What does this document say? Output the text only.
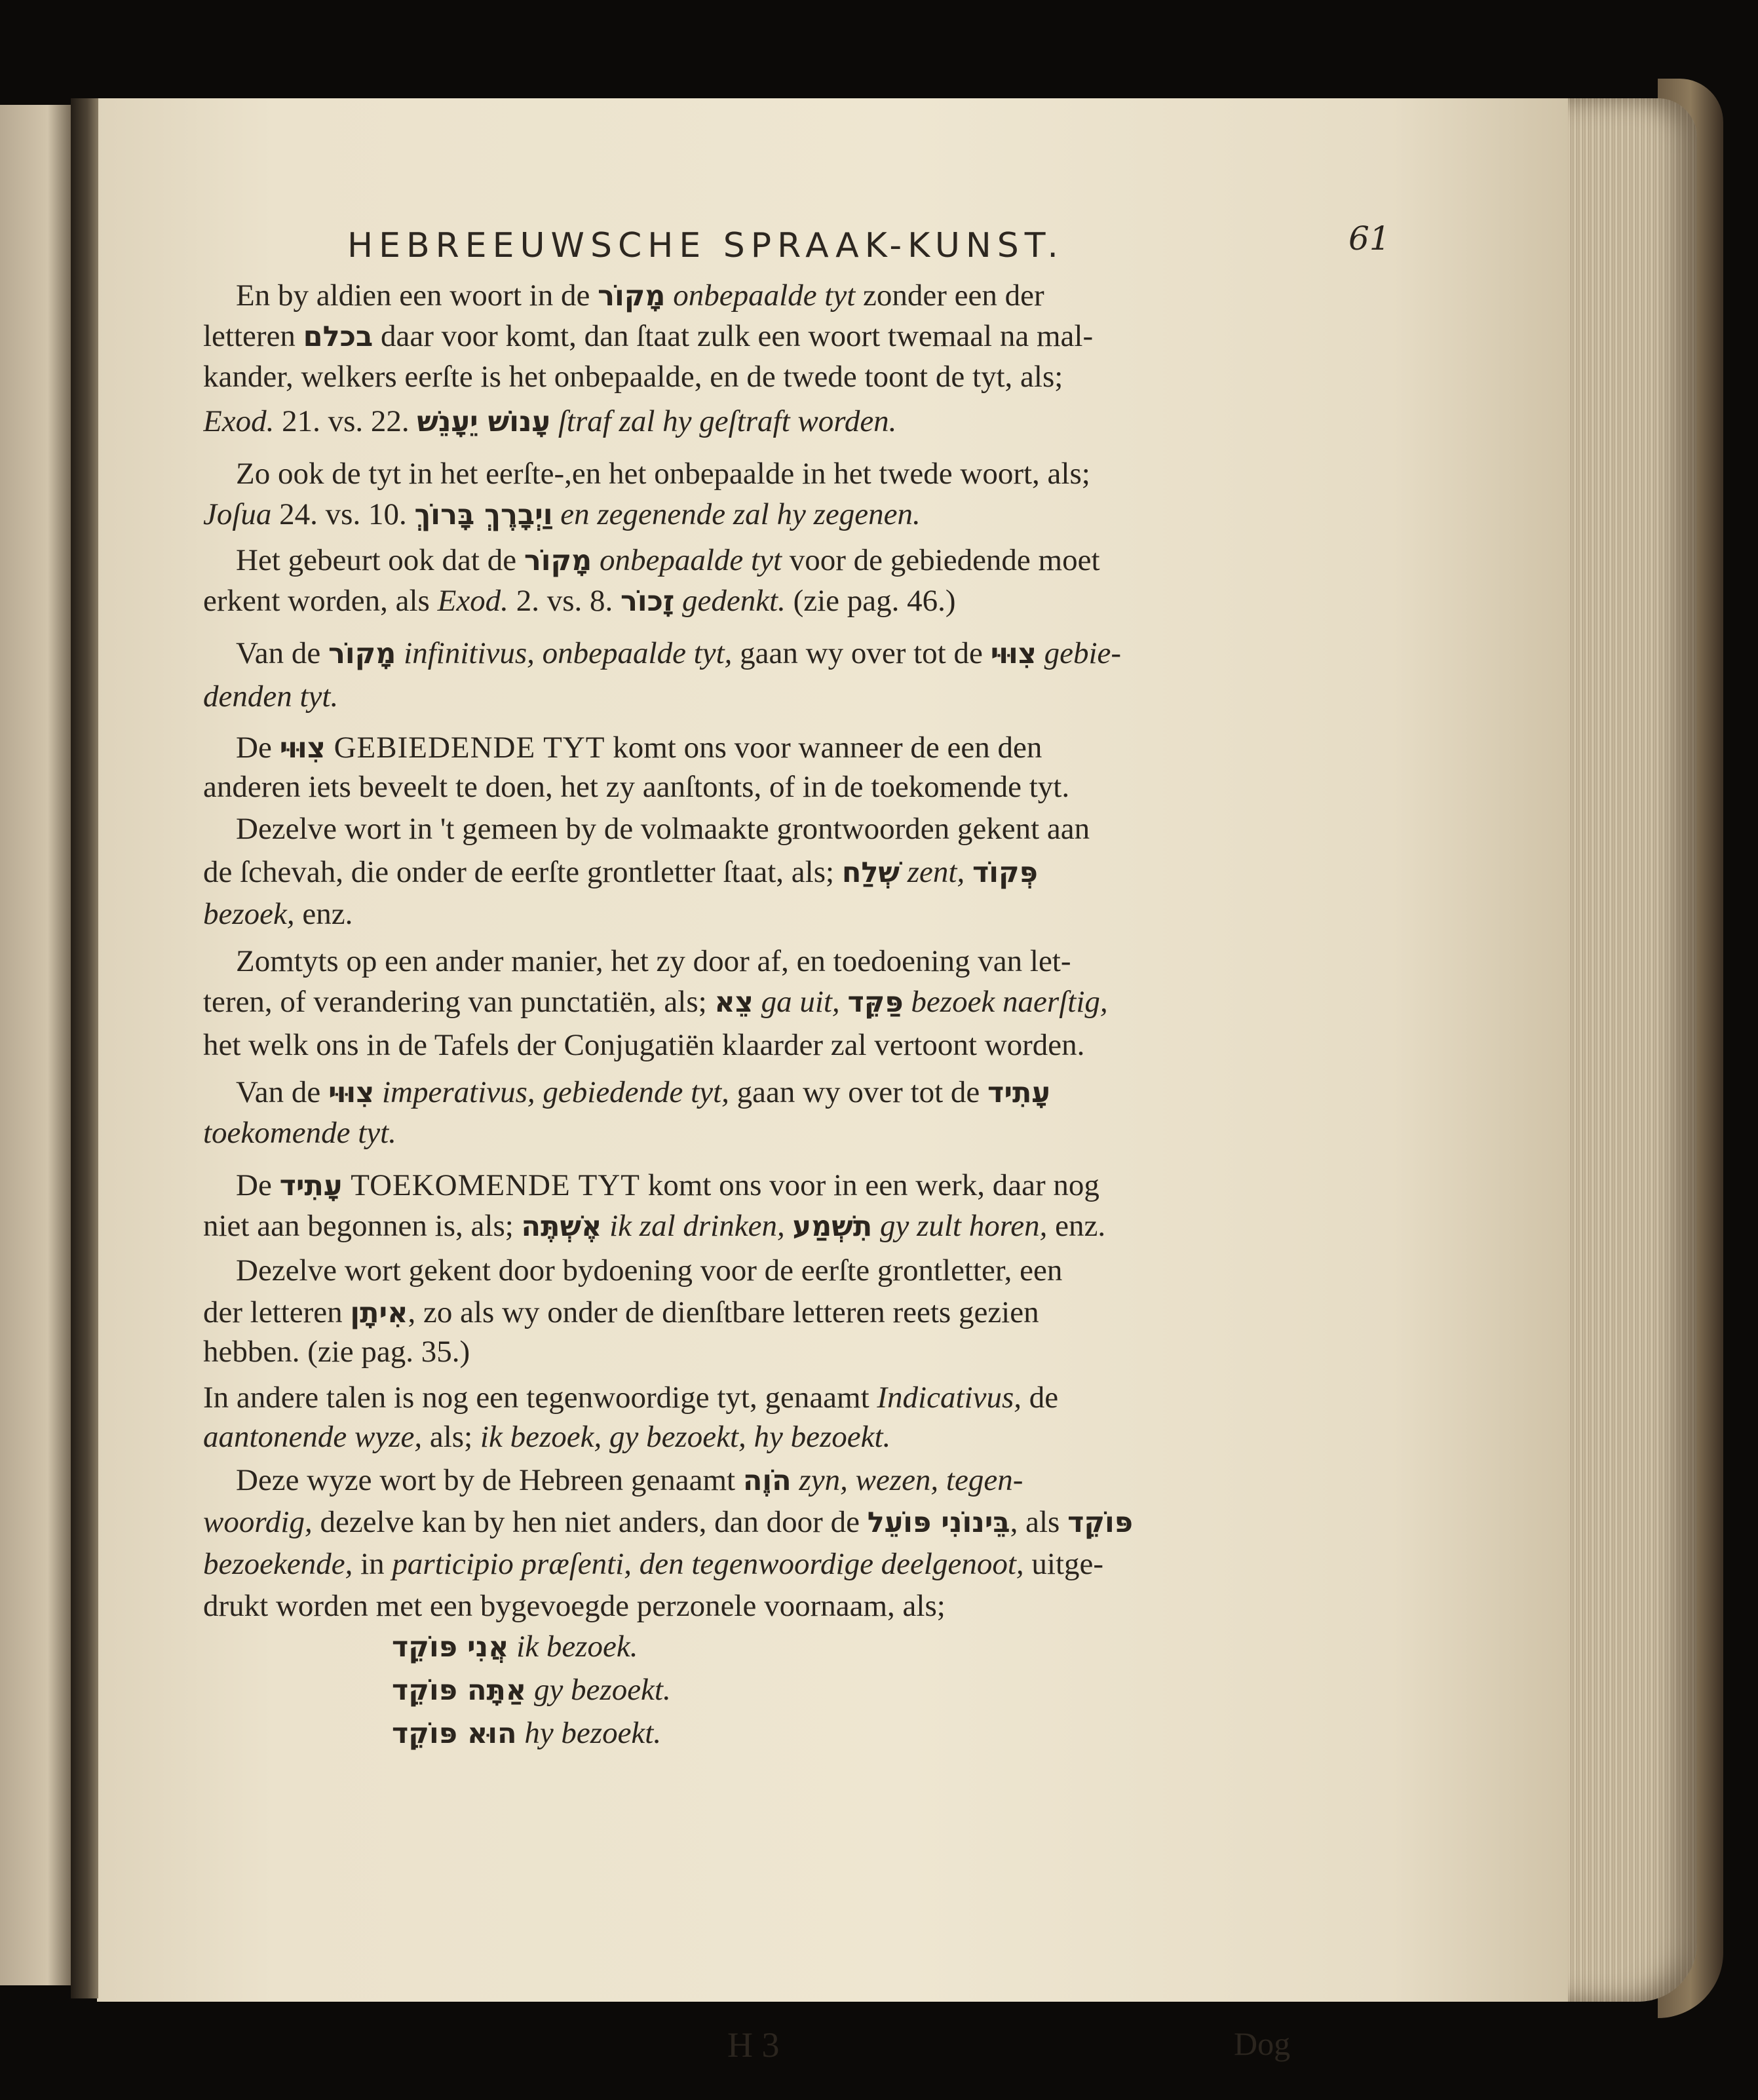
HEBREEUWSCHE SPRAAK-KUNST.	61
En by aldien een woort in de מָקוֹר onbepaalde tyt zonder een der
letteren בכלם daar voor komt, dan ſtaat zulk een woort twemaal na mal-
kander, welkers eerſte is het onbepaalde, en de twede toont de tyt, als;
Exod. 21. vs. 22. עָנוֹשׁ יֵעָנֵשׁ ſtraf zal hy geſtraft worden.
Zo ook de tyt in het eerſte-,en het onbepaalde in het twede woort, als;
Joſua 24. vs. 10. וַיְבָרֶךְ בָּרוֹךְ en zegenende zal hy zegenen.
Het gebeurt ook dat de מָקוֹר onbepaalde tyt voor de gebiedende moet
erkent worden, als Exod. 2. vs. 8. זָכוֹר gedenkt. (zie pag. 46.)
Van de מָקוֹר infinitivus, onbepaalde tyt, gaan wy over tot de צִוּוּי gebie-
denden tyt.
De צִוּוּי GEBIEDENDE TYT komt ons voor wanneer de een den
anderen iets beveelt te doen, het zy aanſtonts, of in de toekomende tyt.
Dezelve wort in 't gemeen by de volmaakte grontwoorden gekent aan
de ſchevah, die onder de eerſte grontletter ſtaat, als; שְׁלַח zent, פְּקוֹד
bezoek, enz.
Zomtyts op een ander manier, het zy door af, en toedoening van let-
teren, of verandering van punctatiën, als; צֵא ga uit, פַּקֵּד bezoek naerſtig,
het welk ons in de Tafels der Conjugatiën klaarder zal vertoont worden.
Van de צִוּוּי imperativus, gebiedende tyt, gaan wy over tot de עָתִיד
toekomende tyt.
De עָתִיד TOEKOMENDE TYT komt ons voor in een werk, daar nog
niet aan begonnen is, als; אֶשְׁתֶּה ik zal drinken, תִשְׁמַע gy zult horen, enz.
Dezelve wort gekent door bydoening voor de eerſte grontletter, een
der letteren אִיתָן, zo als wy onder de dienſtbare letteren reets gezien
hebben. (zie pag. 35.)
In andere talen is nog een tegenwoordige tyt, genaamt Indicativus, de
aantonende wyze, als; ik bezoek, gy bezoekt, hy bezoekt.
Deze wyze wort by de Hebreen genaamt הֹוֶה zyn, wezen, tegen-
woordig, dezelve kan by hen niet anders, dan door de בֵּינוֹנִי פּוֹעֵל, als פּוֹקֵד
bezoekende, in participio præſenti, den tegenwoordige deelgenoot, uitge-
drukt worden met een bygevoegde perzonele voornaam, als;
אֲנִי פּוֹקֵד ik bezoek.
אַתָּה פּוֹקֵד gy bezoekt.
הוּא פּוֹקֵד hy bezoekt.
H 3	Dog
